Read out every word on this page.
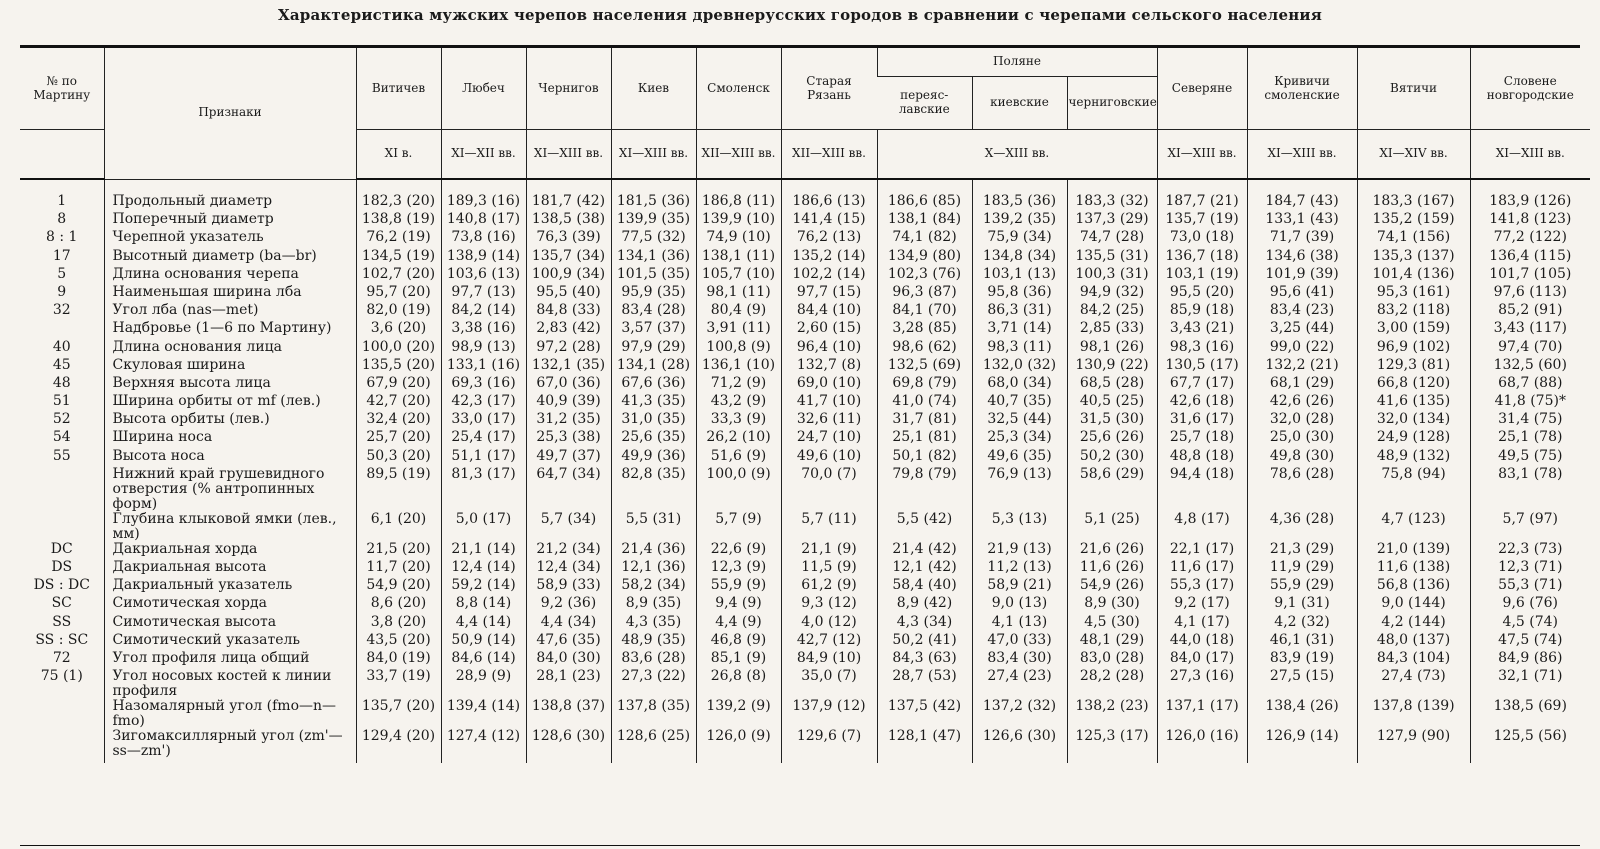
Характеристика мужских черепов населения древнерусских городов в сравнении с черепами сельского населения
№ по Мартину	Признаки	Витичев	Любеч	Чернигов	Киев	Смоленск	Старая Рязань	Поляне			Северяне	Кривичи смоленские	Вятичи	Словене новгородские
								переяс-лавские	киевские	черниговские				
		XI в.	XI—XII вв.	XI—XIII вв.	XI—XIII вв.	XII—XIII вв.	XII—XIII вв.	X—XIII вв.			XI—XIII вв.	XI—XIII вв.	XI—XIV вв.	XI—XIII вв.
1	Продольный диаметр	182,3 (20)	189,3 (16)	181,7 (42)	181,5 (36)	186,8 (11)	186,6 (13)	186,6 (85)	183,5 (36)	183,3 (32)	187,7 (21)	184,7 (43)	183,3 (167)	183,9 (126)
8	Поперечный диаметр	138,8 (19)	140,8 (17)	138,5 (38)	139,9 (35)	139,9 (10)	141,4 (15)	138,1 (84)	139,2 (35)	137,3 (29)	135,7 (19)	133,1 (43)	135,2 (159)	141,8 (123)
8 : 1	Черепной указатель	76,2 (19)	73,8 (16)	76,3 (39)	77,5 (32)	74,9 (10)	76,2 (13)	74,1 (82)	75,9 (34)	74,7 (28)	73,0 (18)	71,7 (39)	74,1 (156)	77,2 (122)
17	Высотный диаметр (ba—br)	134,5 (19)	138,9 (14)	135,7 (34)	134,1 (36)	138,1 (11)	135,2 (14)	134,9 (80)	134,8 (34)	135,5 (31)	136,7 (18)	134,6 (38)	135,3 (137)	136,4 (115)
5	Длина основания черепа	102,7 (20)	103,6 (13)	100,9 (34)	101,5 (35)	105,7 (10)	102,2 (14)	102,3 (76)	103,1 (13)	100,3 (31)	103,1 (19)	101,9 (39)	101,4 (136)	101,7 (105)
9	Наименьшая ширина лба	95,7 (20)	97,7 (13)	95,5 (40)	95,9 (35)	98,1 (11)	97,7 (15)	96,3 (87)	95,8 (36)	94,9 (32)	95,5 (20)	95,6 (41)	95,3 (161)	97,6 (113)
32	Угол лба (nas—met)	82,0 (19)	84,2 (14)	84,8 (33)	83,4 (28)	80,4 (9)	84,4 (10)	84,1 (70)	86,3 (31)	84,2 (25)	85,9 (18)	83,4 (23)	83,2 (118)	85,2 (91)
	Надбровье (1—6 по Мартину)	3,6 (20)	3,38 (16)	2,83 (42)	3,57 (37)	3,91 (11)	2,60 (15)	3,28 (85)	3,71 (14)	2,85 (33)	3,43 (21)	3,25 (44)	3,00 (159)	3,43 (117)
40	Длина основания лица	100,0 (20)	98,9 (13)	97,2 (28)	97,9 (29)	100,8 (9)	96,4 (10)	98,6 (62)	98,3 (11)	98,1 (26)	98,3 (16)	99,0 (22)	96,9 (102)	97,4 (70)
45	Скуловая ширина	135,5 (20)	133,1 (16)	132,1 (35)	134,1 (28)	136,1 (10)	132,7 (8)	132,5 (69)	132,0 (32)	130,9 (22)	130,5 (17)	132,2 (21)	129,3 (81)	132,5 (60)
48	Верхняя высота лица	67,9 (20)	69,3 (16)	67,0 (36)	67,6 (36)	71,2 (9)	69,0 (10)	69,8 (79)	68,0 (34)	68,5 (28)	67,7 (17)	68,1 (29)	66,8 (120)	68,7 (88)
51	Ширина орбиты от mf (лев.)	42,7 (20)	42,3 (17)	40,9 (39)	41,3 (35)	43,2 (9)	41,7 (10)	41,0 (74)	40,7 (35)	40,5 (25)	42,6 (18)	42,6 (26)	41,6 (135)	41,8 (75)*
52	Высота орбиты (лев.)	32,4 (20)	33,0 (17)	31,2 (35)	31,0 (35)	33,3 (9)	32,6 (11)	31,7 (81)	32,5 (44)	31,5 (30)	31,6 (17)	32,0 (28)	32,0 (134)	31,4 (75)
54	Ширина носа	25,7 (20)	25,4 (17)	25,3 (38)	25,6 (35)	26,2 (10)	24,7 (10)	25,1 (81)	25,3 (34)	25,6 (26)	25,7 (18)	25,0 (30)	24,9 (128)	25,1 (78)
55	Высота носа	50,3 (20)	51,1 (17)	49,7 (37)	49,9 (36)	51,6 (9)	49,6 (10)	50,1 (82)	49,6 (35)	50,2 (30)	48,8 (18)	49,8 (30)	48,9 (132)	49,5 (75)
	Нижний край грушевидного отверстия (% антропинных форм)	89,5 (19)	81,3 (17)	64,7 (34)	82,8 (35)	100,0 (9)	70,0 (7)	79,8 (79)	76,9 (13)	58,6 (29)	94,4 (18)	78,6 (28)	75,8 (94)	83,1 (78)
	Глубина клыковой ямки (лев., мм)	6,1 (20)	5,0 (17)	5,7 (34)	5,5 (31)	5,7 (9)	5,7 (11)	5,5 (42)	5,3 (13)	5,1 (25)	4,8 (17)	4,36 (28)	4,7 (123)	5,7 (97)
DC	Дакриальная хорда	21,5 (20)	21,1 (14)	21,2 (34)	21,4 (36)	22,6 (9)	21,1 (9)	21,4 (42)	21,9 (13)	21,6 (26)	22,1 (17)	21,3 (29)	21,0 (139)	22,3 (73)
DS	Дакриальная высота	11,7 (20)	12,4 (14)	12,4 (34)	12,1 (36)	12,3 (9)	11,5 (9)	12,1 (42)	11,2 (13)	11,6 (26)	11,6 (17)	11,9 (29)	11,6 (138)	12,3 (71)
DS : DC	Дакриальный указатель	54,9 (20)	59,2 (14)	58,9 (33)	58,2 (34)	55,9 (9)	61,2 (9)	58,4 (40)	58,9 (21)	54,9 (26)	55,3 (17)	55,9 (29)	56,8 (136)	55,3 (71)
SC	Симотическая хорда	8,6 (20)	8,8 (14)	9,2 (36)	8,9 (35)	9,4 (9)	9,3 (12)	8,9 (42)	9,0 (13)	8,9 (30)	9,2 (17)	9,1 (31)	9,0 (144)	9,6 (76)
SS	Симотическая высота	3,8 (20)	4,4 (14)	4,4 (34)	4,3 (35)	4,4 (9)	4,0 (12)	4,3 (34)	4,1 (13)	4,5 (30)	4,1 (17)	4,2 (32)	4,2 (144)	4,5 (74)
SS : SC	Симотический указатель	43,5 (20)	50,9 (14)	47,6 (35)	48,9 (35)	46,8 (9)	42,7 (12)	50,2 (41)	47,0 (33)	48,1 (29)	44,0 (18)	46,1 (31)	48,0 (137)	47,5 (74)
72	Угол профиля лица общий	84,0 (19)	84,6 (14)	84,0 (30)	83,6 (28)	85,1 (9)	84,9 (10)	84,3 (63)	83,4 (30)	83,0 (28)	84,0 (17)	83,9 (19)	84,3 (104)	84,9 (86)
75 (1)	Угол носовых костей к линии профиля	33,7 (19)	28,9 (9)	28,1 (23)	27,3 (22)	26,8 (8)	35,0 (7)	28,7 (53)	27,4 (23)	28,2 (28)	27,3 (16)	27,5 (15)	27,4 (73)	32,1 (71)
	Назомалярный угол (fmo—n—fmo)	135,7 (20)	139,4 (14)	138,8 (37)	137,8 (35)	139,2 (9)	137,9 (12)	137,5 (42)	137,2 (32)	138,2 (23)	137,1 (17)	138,4 (26)	137,8 (139)	138,5 (69)
	Зигомаксиллярный угол (zm'—ss—zm')	129,4 (20)	127,4 (12)	128,6 (30)	128,6 (25)	126,0 (9)	129,6 (7)	128,1 (47)	126,6 (30)	125,3 (17)	126,0 (16)	126,9 (14)	127,9 (90)	125,5 (56)
